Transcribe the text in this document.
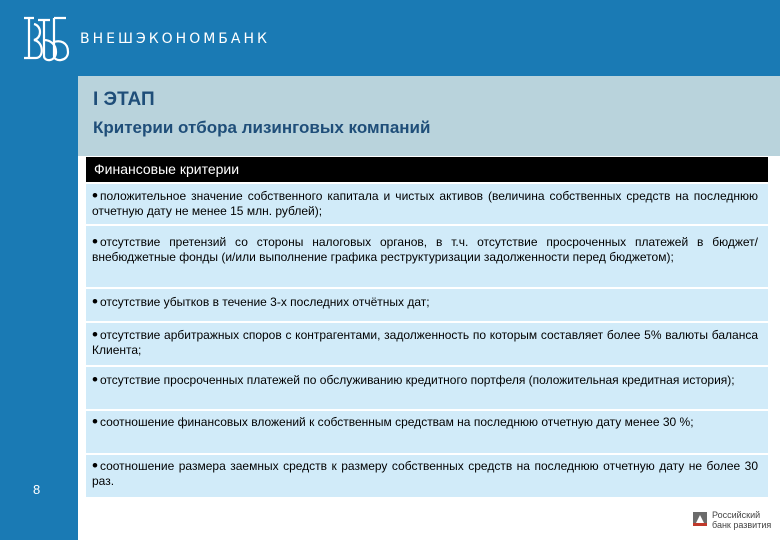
ВНЕШЭКОНОМБАНК
8
I ЭТАП
Критерии отбора лизинговых компаний
Финансовые критерии
• положительное значение собственного капитала и чистых активов (величина собственных средств на последнюю отчетную дату не менее 15 млн. рублей);
• отсутствие претензий со стороны налоговых органов, в т.ч. отсутствие просроченных платежей в бюджет/внебюджетные фонды (и/или выполнение графика реструктуризации задолженности перед бюджетом);
• отсутствие убытков в течение 3-х последних отчётных дат;
• отсутствие арбитражных споров с контрагентами, задолженность по которым составляет более 5% валюты баланса Клиента;
• отсутствие просроченных платежей по обслуживанию кредитного портфеля (положительная кредитная история);
• соотношение финансовых вложений к собственным средствам на последнюю отчетную дату менее 30 %;
• соотношение размера заемных средств к размеру собственных средств на последнюю отчетную дату не более 30 раз.
Российский
банк развития
